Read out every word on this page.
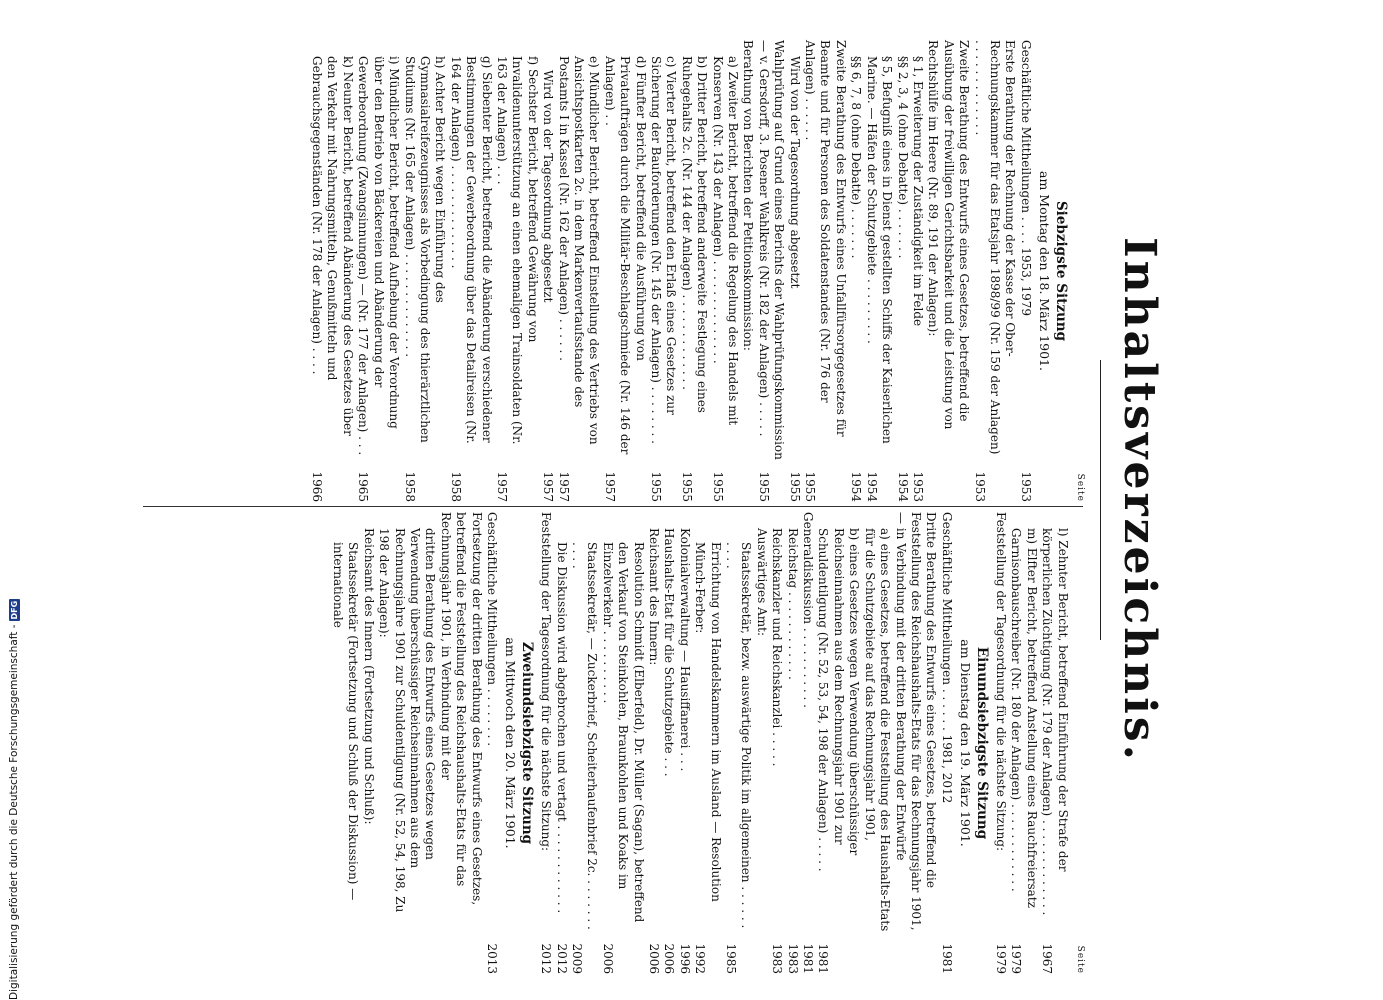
Inhaltsverzeichnis.
Seite
Siebzigste Sitzung
am Montag den 18. März 1901.
Geschäftliche Mittheilungen . . . . 1953, 1979
1953
Erste Berathung der Rechnung der Kasse der Ober-Rechnungskammer für das Etatsjahr 1898/99 (Nr. 159 der Anlagen) . . . . . . . . . . . . .
1953
Zweite Berathung des Entwurfs eines Gesetzes, betreffend die Ausübung der freiwilligen Gerichtsbarkeit und die Leistung von Rechtshülfe im Heere (Nr. 89, 191 der Anlagen):
§ 1, Erweiterung der Zuständigkeit im Felde
1953
§§ 2, 3, 4 (ohne Debatte) . . . . . . .
1954
§ 5, Befugniß eines in Dienst gestellten Schiffs der Kaiserlichen Marine. — Häfen der Schutzgebiete . . . . . . . . .
1954
§§ 6, 7, 8 (ohne Debatte) . . . . . . .
1954
Zweite Berathung des Entwurfs eines Unfallfürsorgegesetzes für Beamte und für Personen des Soldatenstandes (Nr. 176 der Anlagen) . . . . . .
1955
Wird von der Tagesordnung abgesetzt
1955
Wahlprüfung auf Grund eines Berichts der Wahlprüfungskommission — v. Gersdorff, 3. Posener Wahlkreis (Nr. 182 der Anlagen) . . . . .
1955
Berathung von Berichten der Petitionskommission:
a) Zweiter Bericht, betreffend die Regelung des Handels mit Konserven (Nr. 143 der Anlagen) . . . . . . . . . . . . . .
1955
b) Dritter Bericht, betreffend anderweite Festlegung eines Ruhegehalts 2c. (Nr. 144 der Anlagen) . . . . . . . . . . . . .
1955
c) Vierter Bericht, betreffend den Erlaß eines Gesetzes zur Sicherung der Bauforderungen (Nr. 145 der Anlagen) . . . . . . . .
1955
d) Fünfter Bericht, betreffend die Ausführung von Privataufträgen durch die Militär-Beschlagschmiede (Nr. 146 der Anlagen) . .
1957
e) Mündlicher Bericht, betreffend Einstellung des Vertriebs von Ansichtspostkarten 2c. in dem Markenvertaufsstande des Postamts I in Kassel (Nr. 162 der Anlagen) . . . . . .
1957
Wird von der Tagesordnung abgesetzt
1957
f) Sechster Bericht, betreffend Gewährung von Invalidenunterstützung an einen ehemaligen Trainsoldaten (Nr. 163 der Anlagen) . . .
1957
g) Siebenter Bericht, betreffend die Abänderung verschiedener Bestimmungen der Gewerbeordnung über das Detailreisen (Nr. 164 der Anlagen) . . . . . . . . . . . . . .
1958
h) Achter Bericht wegen Einführung des Gymnasialreifezeugnisses als Vorbedingung des thierärztlichen Studiums (Nr. 165 der Anlagen) . . . . . . . . . . . . . .
1958
i) Mündlicher Bericht, betreffend Aufhebung der Verordnung über den Betrieb von Bäckereien und Abänderung der Gewerbeordnung (Zwangsinnungen) — (Nr. 177 der Anlagen) . . .
1965
k) Neunter Bericht, betreffend Abänderung des Gesetzes über den Verkehr mit Nahrungsmitteln, Genußmitteln und Gebrauchsgegenständen (Nr. 178 der Anlagen) . . . .
1966
Seite
l) Zehnter Bericht, betreffend Einführung der Strafe der körperlichen Züchtigung (Nr. 179 der Anlagen) . . . . . . . . . . . . .
1967
m) Elfter Bericht, betreffend Anstellung eines Rauchfreiersatz Garnisonbauschreiber (Nr. 180 der Anlagen) . . . . . . . . . . . .
1979
Feststellung der Tagesordnung für die nächste Sitzung:
1979
Einundsiebzigste Sitzung
am Dienstag den 19. März 1901.
Geschäftliche Mittheilungen . . . . . . 1981, 2012
1981
Dritte Berathung des Entwurfs eines Gesetzes, betreffend die Feststellung des Reichshaushalts-Etats für das Rechnungsjahr 1901, — in Verbindung mit der dritten Berathung der Entwürfe
a) eines Gesetzes, betreffend die Feststellung des Haushalts-Etats für die Schutzgebiete auf das Rechnungsjahr 1901,
b) eines Gesetzes wegen Verwendung überschüssiger Reichseinnahmen aus dem Rechnungsjahr 1901 zur Schuldentilgung (Nr. 52, 53, 54, 198 der Anlagen) . . . . .
1981
Generaldiskussion . . . . . . . . . . .
1981
Reichstag . . . . . . . . . . . .
1983
Reichskanzler und Reichskanzlei . . . . .
1983
Auswärtiges Amt:
Staatssekretär, bezw. auswärtige Politik im allgemeinen . . . . . . . . . .
1985
Errichtung von Handelskammern im Ausland — Resolution Münch-Ferber:
1992
Kolonialverwaltung — Hausiffanerei . . .
1996
Haushalts-Etat für die Schutzgebiete . . .
2006
Reichsamt des Innern:
2006
Resolution Schmidt (Elberfeld), Dr. Müller (Sagan), betreffend den Verkauf von Steinkohlen, Braunkohlen und Koaks im Einzelverkehr . . . . . . . . . .
2006
Staatssekretär, — Zuckerbrief, Scheiterhaufenbrief 2c. . . . . . . . . . . .
2009
Die Diskussion wird abgebrochen und vertagt . . . . . . . . . . . .
2012
Feststellung der Tagesordnung für die nächste Sitzung:
2012
Zweiundsiebzigste Sitzung
am Mittwoch den 20. März 1901.
Geschäftliche Mittheilungen . . . . . . . .
2013
Fortsetzung der dritten Berathung des Entwurfs eines Gesetzes, betreffend die Feststellung des Reichshaushalts-Etats für das Rechnungsjahr 1901, in Verbindung mit der
dritten Berathung des Entwurfs eines Gesetzes wegen Verwendung überschüssiger Reichseinnahmen aus dem Rechnungsjahre 1901 zur Schuldentilgung (Nr. 52, 54, 198, Zu 198 der Anlagen):
Reichsamt des Innern (Fortsetzung und Schluß):
Staatssekretär (Fortsetzung und Schluß der Diskussion) — internationale
Digitalisierung gefördert durch die Deutsche Forschungsgemeinschaft -
DFG
